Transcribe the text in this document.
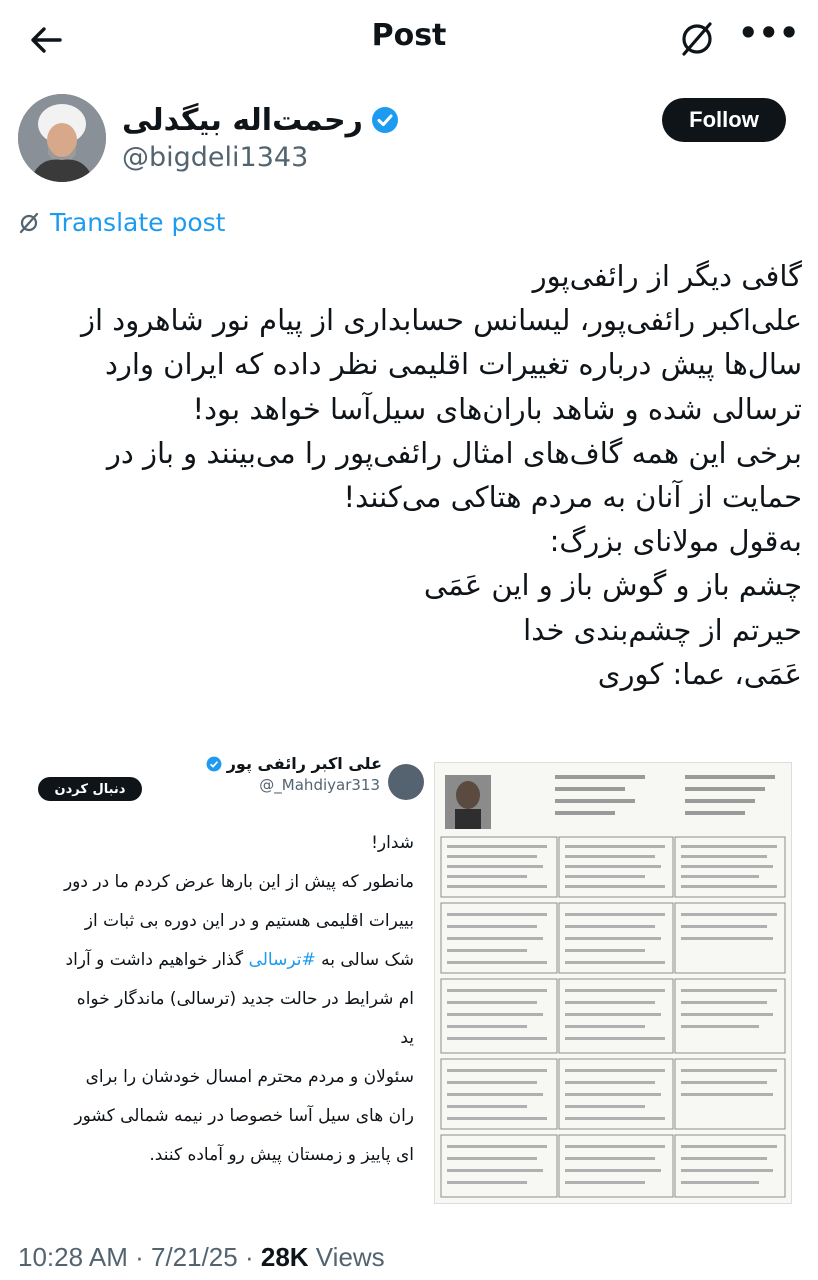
Post	•••
رحمت‌اله بیگدلی
@bigdeli1343
Follow
Translate post
گافی دیگر از رائفی‌پور
علی‌اکبر رائفی‌پور، لیسانس حسابداری از پیام نور شاهرود از
سال‌ها پیش درباره تغییرات اقلیمی نظر داده که ایران وارد
ترسالی شده و شاهد باران‌های سیل‌آسا خواهد بود!
برخی این همه گاف‌های امثال رائفی‌پور را می‌بینند و باز در
حمایت از آنان به مردم هتاکی می‌کنند!
به‌قول مولانای بزرگ:
چشم باز و گوش باز و این عَمَی
حیرتم از چشم‌بندی خدا
عَمَی، عما: کوری
علی اکبر رائفی پور
@_Mahdiyar313
دنبال کردن
شدار!
مانطور که پیش از این بارها عرض کردم ما در دور
بییرات اقلیمی هستیم و در این دوره بی ثبات از
شک سالی به #ترسالی گذار خواهیم داشت و آراد
ام شرایط در حالت جدید (ترسالی) ماندگار خواه
ید
سئولان و مردم محترم امسال خودشان را برای
ران های سیل آسا خصوصا در نیمه شمالی کشور
ای پاییز و زمستان پیش رو آماده کنند.
10:28 AM · 7/21/25 · 28K Views
